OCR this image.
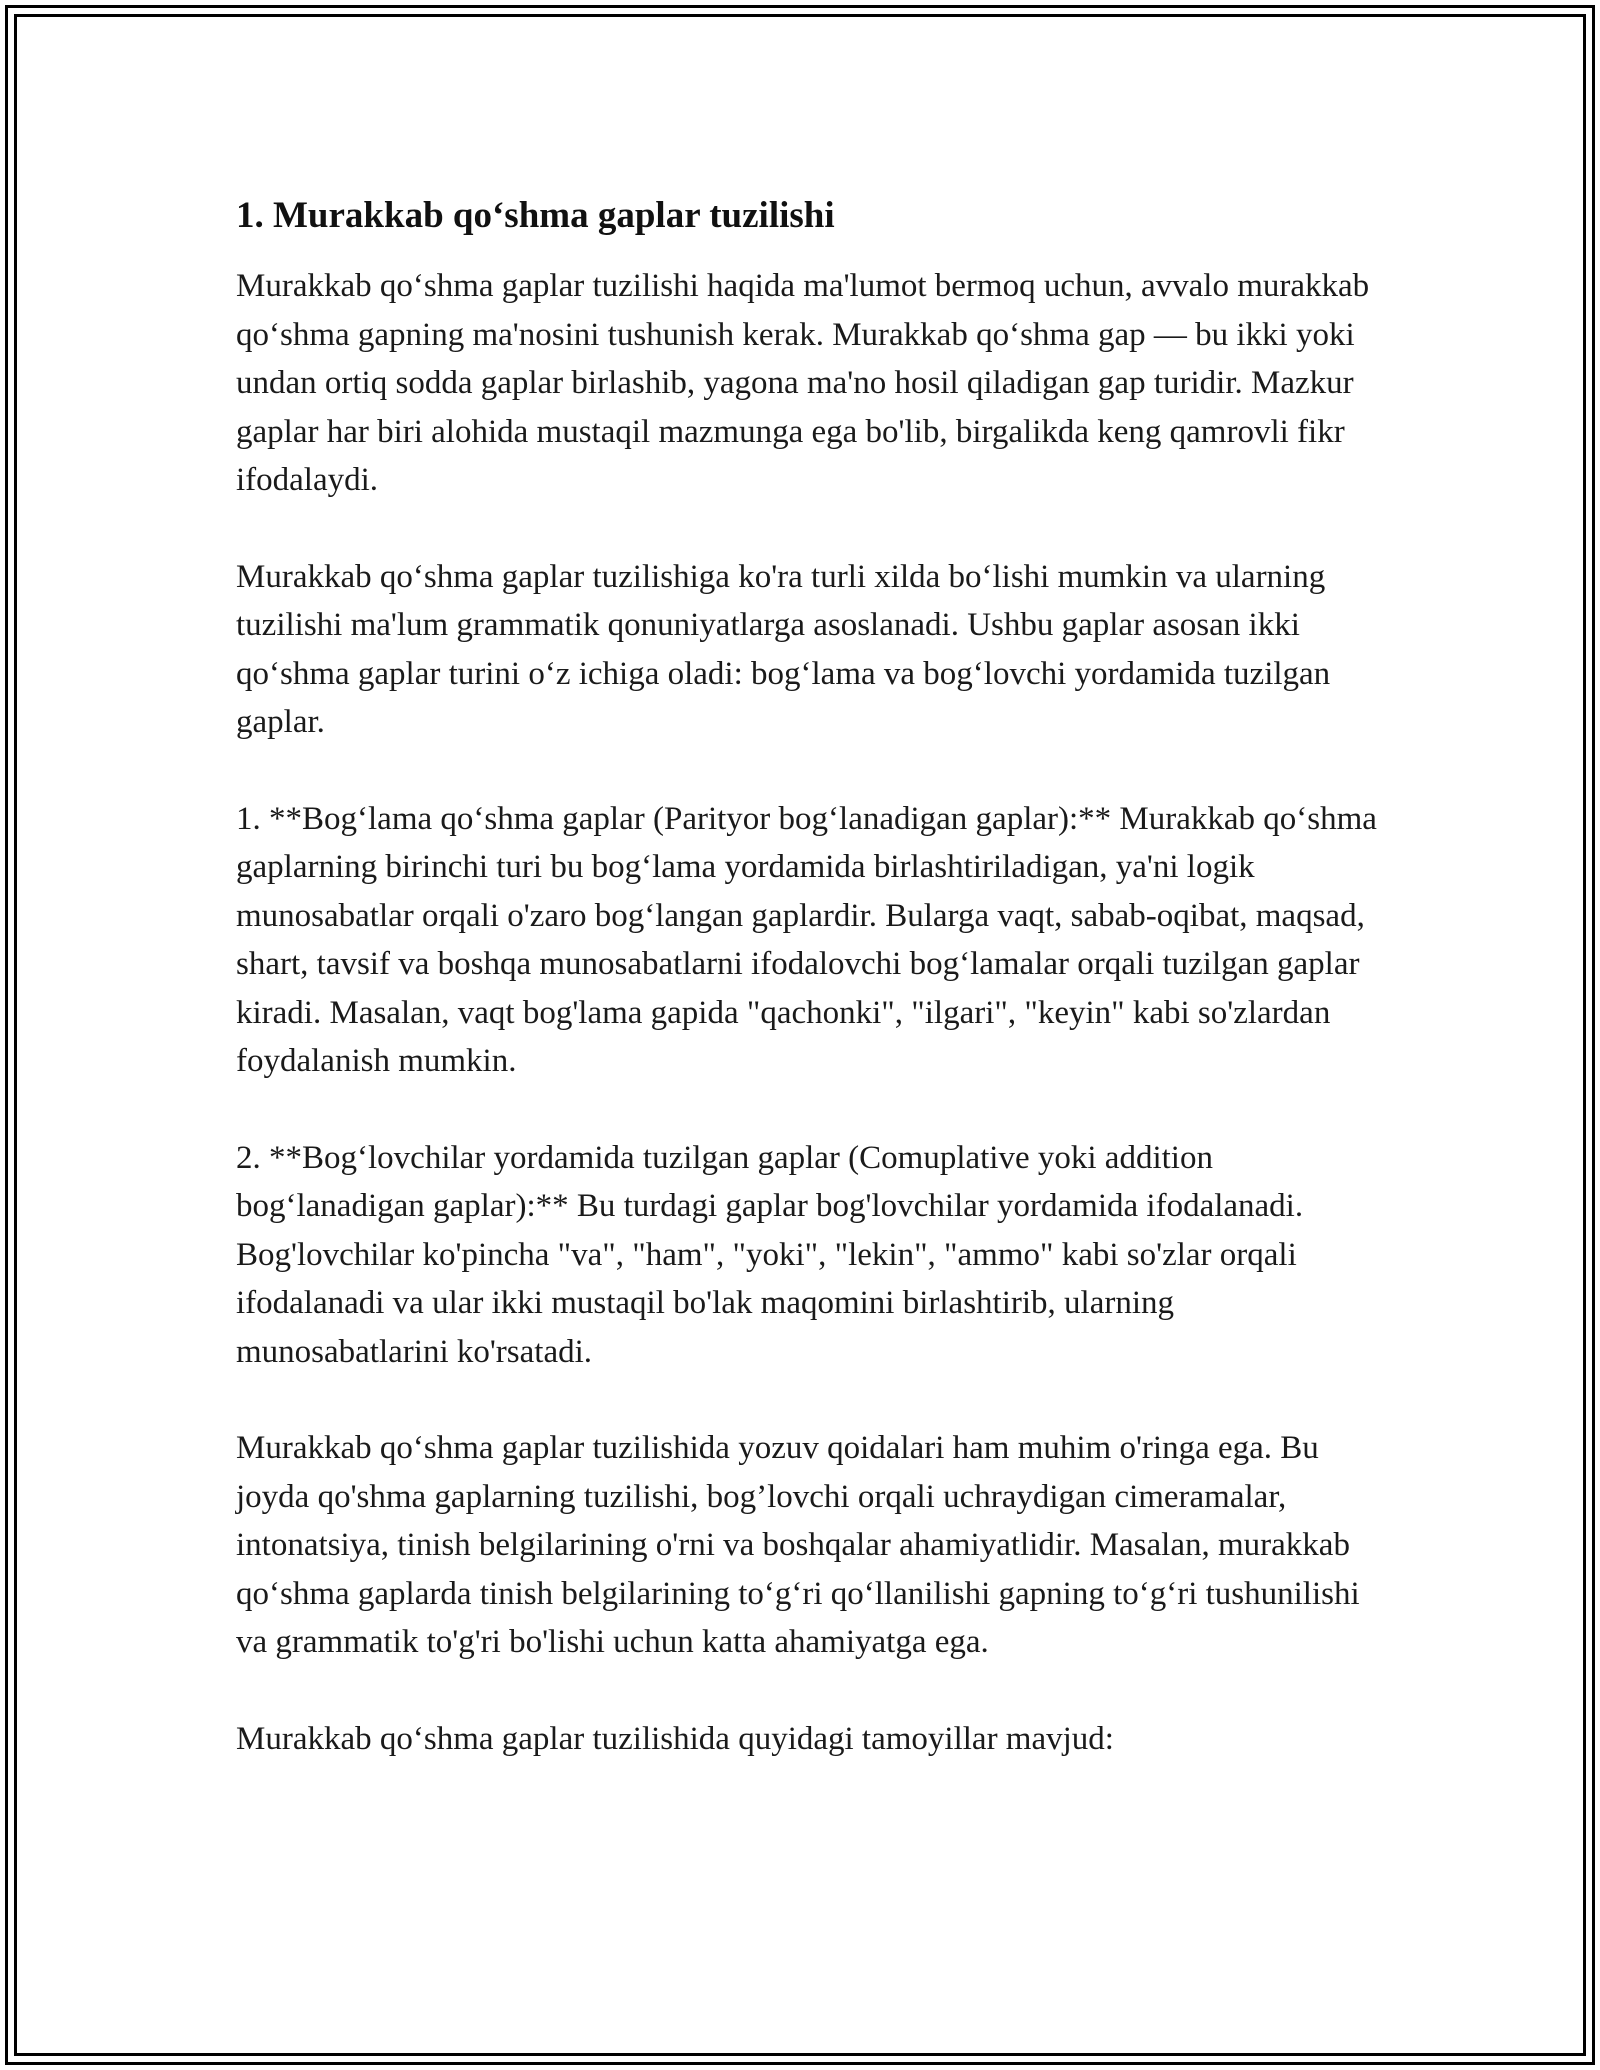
1. Murakkab qo‘shma gaplar tuzilishi

Murakkab qo‘shma gaplar tuzilishi haqida ma'lumot bermoq uchun, avvalo murakkab qo‘shma gapning ma'nosini tushunish kerak. Murakkab qo‘shma gap — bu ikki yoki undan ortiq sodda gaplar birlashib, yagona ma'no hosil qiladigan gap turidir. Mazkur gaplar har biri alohida mustaqil mazmunga ega bo'lib, birgalikda keng qamrovli fikr ifodalaydi.

Murakkab qo‘shma gaplar tuzilishiga ko'ra turli xilda bo‘lishi mumkin va ularning tuzilishi ma'lum grammatik qonuniyatlarga asoslanadi. Ushbu gaplar asosan ikki qo‘shma gaplar turini o‘z ichiga oladi: bog‘lama va bog‘lovchi yordamida tuzilgan gaplar.

1. **Bog‘lama qo‘shma gaplar (Parityor bog‘lanadigan gaplar):** Murakkab qo‘shma gaplarning birinchi turi bu bog‘lama yordamida birlashtiriladigan, ya'ni logik munosabatlar orqali o'zaro bog‘langan gaplardir. Bularga vaqt, sabab-oqibat, maqsad, shart, tavsif va boshqa munosabatlarni ifodalovchi bog‘lamalar orqali tuzilgan gaplar kiradi. Masalan, vaqt bog'lama gapida "qachonki", "ilgari", "keyin" kabi so'zlardan foydalanish mumkin.

2. **Bog‘lovchilar yordamida tuzilgan gaplar (Comuplative yoki addition bog‘lanadigan gaplar):** Bu turdagi gaplar bog'lovchilar yordamida ifodalanadi. Bog'lovchilar ko'pincha "va", "ham", "yoki", "lekin", "ammo" kabi so'zlar orqali ifodalanadi va ular ikki mustaqil bo'lak maqomini birlashtirib, ularning munosabatlarini ko'rsatadi.

Murakkab qo‘shma gaplar tuzilishida yozuv qoidalari ham muhim o'ringa ega. Bu joyda qo'shma gaplarning tuzilishi, bog’lovchi orqali uchraydigan cimeramalar, intonatsiya, tinish belgilarining o'rni va boshqalar ahamiyatlidir. Masalan, murakkab qo‘shma gaplarda tinish belgilarining to‘g‘ri qo‘llanilishi gapning to‘g‘ri tushunilishi va grammatik to'g'ri bo'lishi uchun katta ahamiyatga ega.

Murakkab qo‘shma gaplar tuzilishida quyidagi tamoyillar mavjud:
